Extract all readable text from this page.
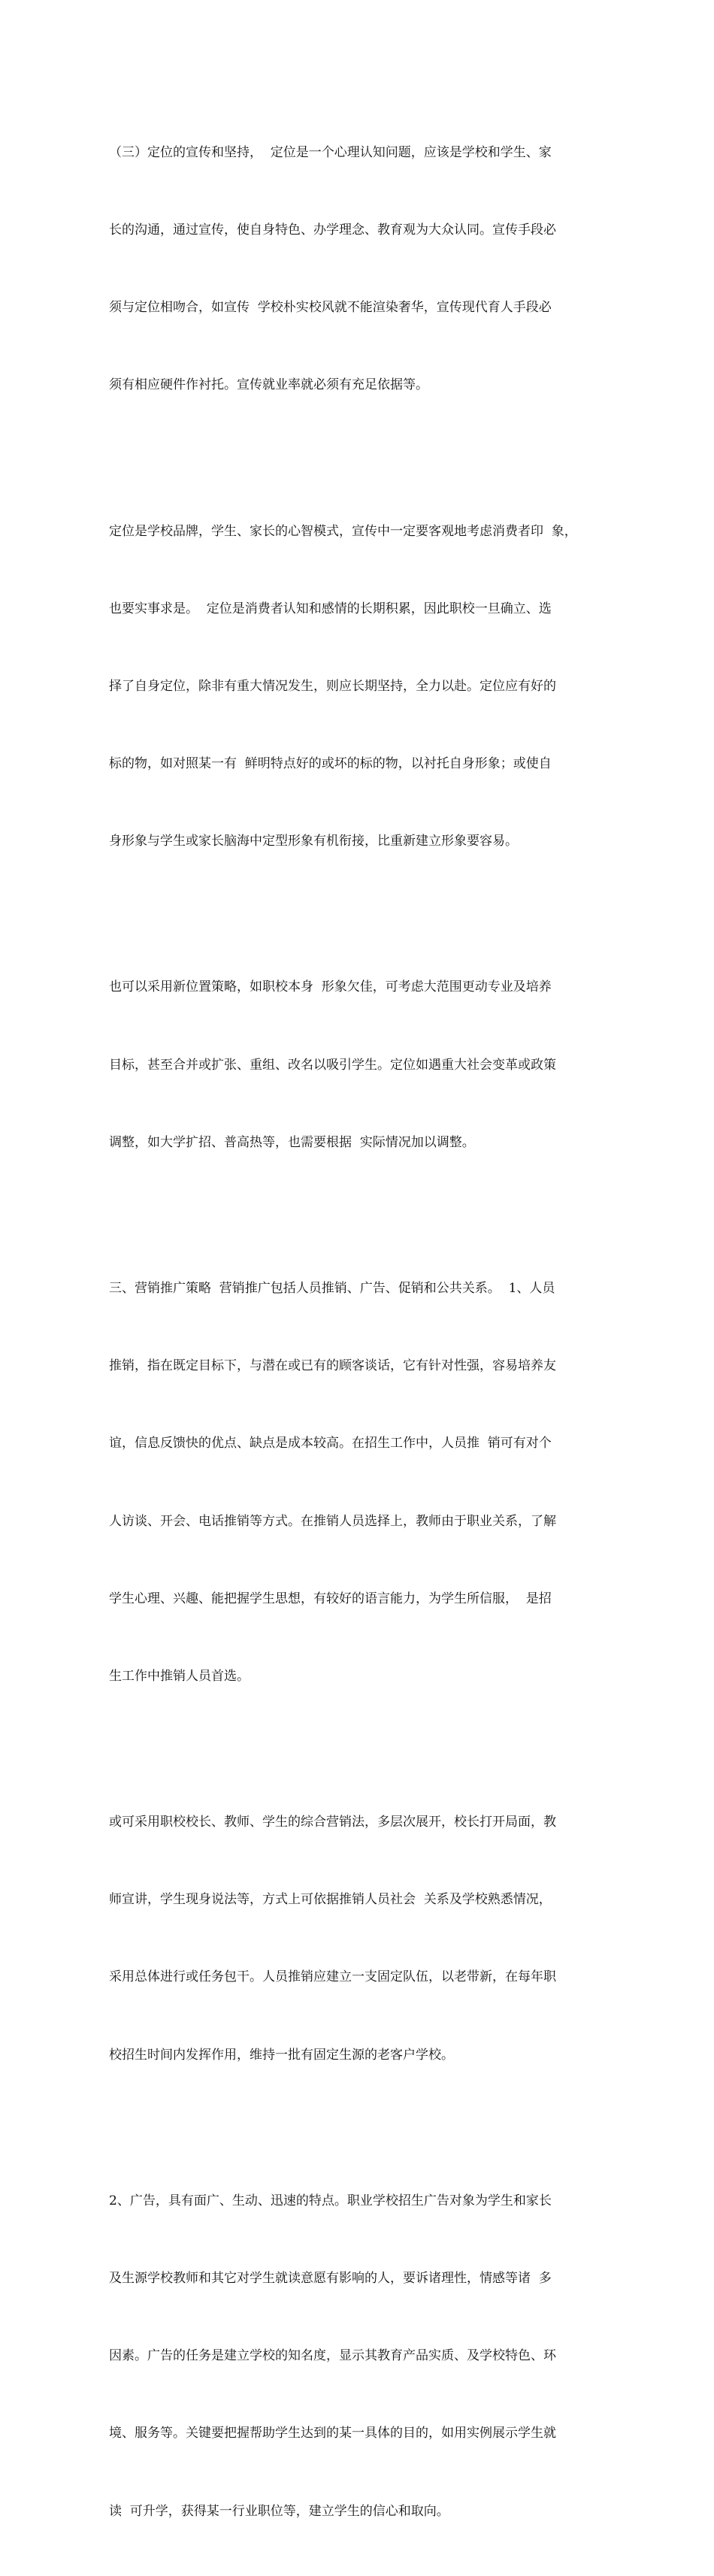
（三）定位的宣传和坚持，  定位是一个心理认知问题，应该是学校和学生、家

长的沟通，通过宣传，使自身特色、办学理念、教育观为大众认同。宣传手段必

须与定位相吻合，如宣传  学校朴实校风就不能渲染奢华，宣传现代育人手段必

须有相应硬件作衬托。宣传就业率就必须有充足依据等。

定位是学校品牌，学生、家长的心智模式，宣传中一定要客观地考虑消费者印  象，

也要实事求是。  定位是消费者认知和感情的长期积累，因此职校一旦确立、选

择了自身定位，除非有重大情况发生，则应长期坚持，全力以赴。定位应有好的

标的物，如对照某一有  鲜明特点好的或坏的标的物，以衬托自身形象；或使自

身形象与学生或家长脑海中定型形象有机衔接，比重新建立形象要容易。

也可以采用新位置策略，如职校本身  形象欠佳，可考虑大范围更动专业及培养

目标，甚至合并或扩张、重组、改名以吸引学生。定位如遇重大社会变革或政策

调整，如大学扩招、普高热等，也需要根据  实际情况加以调整。

三、营销推广策略  营销推广包括人员推销、广告、促销和公共关系。  1、人员

推销，指在既定目标下，与潜在或已有的顾客谈话，它有针对性强，容易培养友

谊，信息反馈快的优点、缺点是成本较高。在招生工作中，人员推  销可有对个

人访谈、开会、电话推销等方式。在推销人员选择上，教师由于职业关系，了解

学生心理、兴趣、能把握学生思想，有较好的语言能力，为学生所信服，  是招

生工作中推销人员首选。

或可采用职校校长、教师、学生的综合营销法，多层次展开，校长打开局面，教

师宣讲，学生现身说法等，方式上可依据推销人员社会  关系及学校熟悉情况，

采用总体进行或任务包干。人员推销应建立一支固定队伍，以老带新，在每年职

校招生时间内发挥作用，维持一批有固定生源的老客户学校。

2、广告，具有面广、生动、迅速的特点。职业学校招生广告对象为学生和家长

及生源学校教师和其它对学生就读意愿有影响的人，要诉诸理性，情感等诸  多

因素。广告的任务是建立学校的知名度，显示其教育产品实质、及学校特色、环

境、服务等。关键要把握帮助学生达到的某一具体的目的，如用实例展示学生就

读  可升学，获得某一行业职位等，建立学生的信心和取向。
